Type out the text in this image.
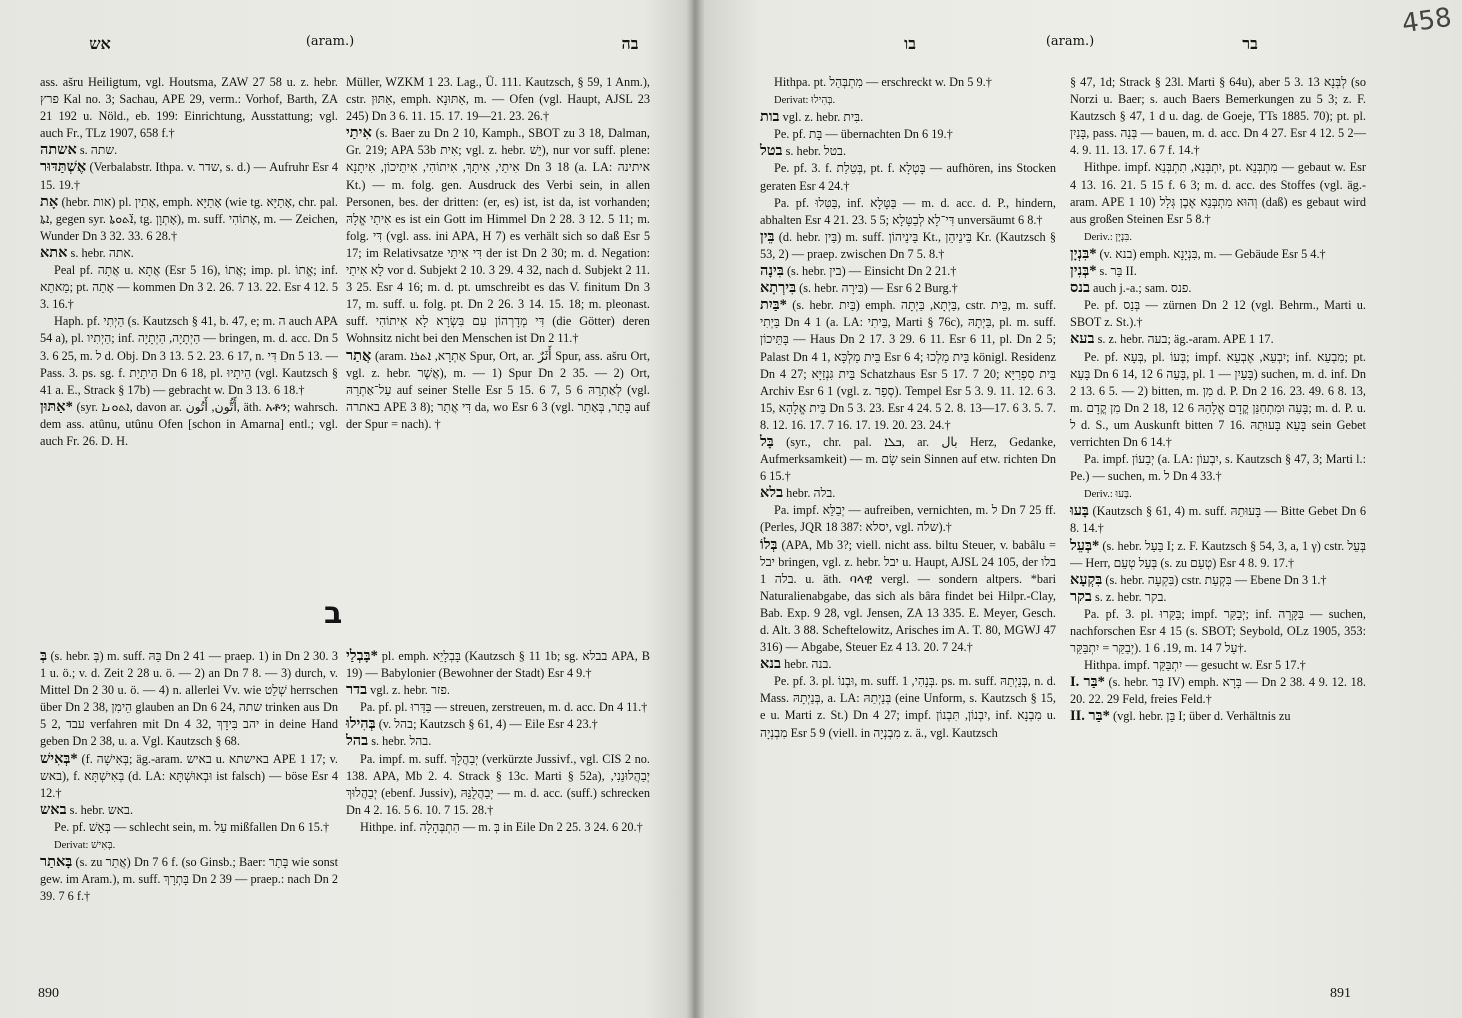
אש	(aram.)	בה

ass. ašru Heiligtum, vgl. Houtsma, ZAW 27 58 u. z. hebr. פרץ Kal no. 3; Sachau, APE 29, verm.: Vorhof, Barth, ZA 21 192 u. Nöld., eb. 199: Einrichtung, Ausstattung; vgl. auch Fr., TLz 1907, 658 f.†

אשתה s. שתה.

אֶשְׁתַּדּוּר (Verbalabstr. Ithpa. v. שדר, s. d.) — Aufruhr Esr 4 15. 19.†

אָת (hebr. אות) pl. אָתִין, emph. אָתַיָּא (wie tg. אָתַיָּא, chr. pal. ܐܬܐ, gegen syr. ܐ̈ܬܘܬܐ, tg. אָתְוָן), m. suff. אָתוֹהִי, m. — Zeichen, Wunder Dn 3 32. 33. 6 28.†

אתא s. hebr. אתה.

Peal pf. אֲתָה u. אֲתָא (Esr 5 16), אֲתוֹ; imp. pl. אֱתוֹ; inf. מֵאתֵא; pt. אָתֵה — kommen Dn 3 2. 26. 7 13. 22. Esr 4 12. 5 3. 16.†

Haph. pf. הַיְתִי (s. Kautzsch § 41, b. 47, e; m. ה auch APA 54 a), pl. הַיְתִיו; inf. הַיְתָיָה, הַיְתָיָה — bringen, m. d. acc. Dn 5 3. 6 25, m. ל d. Obj. Dn 3 13. 5 2. 23. 6 17, n. דִּי Dn 5 13. — Pass. 3. ps. sg. f. הֵיתָיַת Dn 6 18, pl. הֵיתָיוּ (vgl. Kautzsch § 41 a. E., Strack § 17b) — gebracht w. Dn 3 13. 6 18.†

אַתּוּן* (syr. ܐܬܘܢܐ, davon ar. أَتُّون, أَتُون, äth. አቶን; wahrsch. dem ass. atûnu, utûnu Ofen [schon in Amarna] entl.; vgl. auch Fr. 26. D. H.

Müller, WZKM 1 23. Lag., Ü. 111. Kautzsch, § 59, 1 Anm.), cstr. אַתּוּן, emph. אַתּוּנָא, m. — Ofen (vgl. Haupt, AJSL 23 245) Dn 3 6. 11. 15. 17. 19—21. 23. 26.†

אִיתַי (s. Baer zu Dn 2 10, Kamph., SBOT zu 3 18, Dalman, Gr. 219; APA 53b אִית; vgl. z. hebr. יֵשׁ), nur vor suff. plene: אִיתַי, אִיתָךְ, אִיתוֹהִי, אִיתֵיכוֹן, אִיתָנָא Dn 3 18 (a. LA: איתינה Kt.) — m. folg. gen. Ausdruck des Verbi sein, in allen Personen, bes. der dritten: (er, es) ist, ist da, ist vorhanden; אִיתַי אֱלָהּ es ist ein Gott im Himmel Dn 2 28. 3 12. 5 11; m. folg. דִּי (vgl. ass. ini APA, H 7) es verhält sich so daß Esr 5 17; im Relativsatze דִּי אִיתַי der ist Dn 2 30; m. d. Negation: לָא אִיתַי vor d. Subjekt 2 10. 3 29. 4 32, nach d. Subjekt 2 11. 3 25. Esr 4 16; m. d. pt. umschreibt es das V. finitum Dn 3 17, m. suff. u. folg. pt. Dn 2 26. 3 14. 15. 18; m. pleonast. suff. דִּי מְדָרְהוֹן עִם בִּשְׂרָא לָא אִיתוֹהִי (die Götter) deren Wohnsitz nicht bei den Menschen ist Dn 2 11.†

אֲתַר (aram. אַתְרָא, ܐܬܪܐ Spur, Ort, ar. أَثَرٌ Spur, ass. ašru Ort, vgl. z. hebr. אֲשֶׁר), m. — 1) Spur Dn 2 35. — 2) Ort, עַל־אַתְרֵהּ auf seiner Stelle Esr 5 15. 6 7, לְאַתְרֵהּ 6 5 (vgl. באתרה APE 3 8); דִּי אֲתַר da, wo Esr 6 3 (vgl. בָּתַר, בְּאַתַר auf der Spur = nach). †

ב

בְּ (s. hebr. בְּ) m. suff. בַּהּ Dn 2 41 — praep. 1) in Dn 2 30. 3 1 u. ö.; v. d. Zeit 2 28 u. ö. — 2) an Dn 7 8. — 3) durch, v. Mittel Dn 2 30 u. ö. — 4) n. allerlei Vv. wie שְׁלֵט herrschen über Dn 2 38, הֵימִן glauben an Dn 6 24, שתה trinken aus Dn 5 2, עבד verfahren mit Dn 4 32, יהב בִּידָךְ in deine Hand geben Dn 2 38, u. a. Vgl. Kautzsch § 68.

בְּאִישׁ* (f. בְּאִישָׁה; äg.-aram. באיש u. באישתא APE 1 17; v. באש), f. בְּאִישְׁתָּא (d. LA: וּבְאוּשְׁתָּא ist falsch) — böse Esr 4 12.†

באש s. hebr. באש.

Pe. pf. בְּאֵשׁ — schlecht sein, m. עַל mißfallen Dn 6 15.†

Derivat: בְּאִישׁ.

בָּאתַר (s. zu אֲתַר) Dn 7 6 f. (so Ginsb.; Baer: בָּתַר wie sonst gew. im Aram.), m. suff. בָּתְרָךְ Dn 2 39 — praep.: nach Dn 2 39. 7 6 f.†

בָּבְלַי* pl. emph. בָּבְלָיֵא (Kautzsch § 11 1b; sg. בבלא APA, B 19) — Babylonier (Bewohner der Stadt) Esr 4 9.†

בדר vgl. z. hebr. פזר.

Pa. pf. pl. בַּדַּרוּ — streuen, zerstreuen, m. d. acc. Dn 4 11.†

בְּהִילוּ (v. בהל; Kautzsch § 61, 4) — Eile Esr 4 23.†

בהל s. hebr. בהל.

Pa. impf. m. suff. יְבַהֲלָךְ (verkürzte Jussivf., vgl. CIS 2 no. 138. APA, Mb 2. 4. Strack § 13c. Marti § 52a), יְבַהֲלוּנַנִי, יְבַהֲלוּךְ (ebenf. Jussiv), יְבַהֲלֻנֵּהּ — m. d. acc. (suff.) schrecken Dn 4 2. 16. 5 6. 10. 7 15. 28.†

Hithpe. inf. הִתְבְּהָלָה — m. בְּ in Eile Dn 2 25. 3 24. 6 20.†

890
458
בו	(aram.)	בר

Hithpa. pt. מִתְבְּהַל — erschreckt w. Dn 5 9.†

Derivat: בְּהִילוּ.

בות vgl. z. hebr. בִּית.

Pe. pf. בָּת — übernachten Dn 6 19.†

בטל s. hebr. בטל.

Pe. pf. 3. f. בְּטֵלַת, pt. f. בָּטְלָא — aufhören, ins Stocken geraten Esr 4 24.†

Pa. pf. בַּטִּלוּ, inf. בַּטָּלָא — m. d. acc. d. P., hindern, abhalten Esr 4 21. 23. 5 5; דִּי־לָא לְבַטָּלָא unversäumt 6 8.†

בֵּין (d. hebr. בֵּין) m. suff. בֵּינֵיהוֹן Kt., בֵּינֵיהֵן Kr. (Kautzsch § 53, 2) — praep. zwischen Dn 7 5. 8.†

בִּינָה (s. hebr. בין) — Einsicht Dn 2 21.†

בִּירְתָא (s. hebr. בִּירָה) — Esr 6 2 Burg.†

בַּיִת* (s. hebr. בַּיִת) emph. בַּיְתָא, בַּיְתָה, cstr. בֵּית, m. suff. בַּיְתִי Dn 4 1 (a. LA: בֵּיתִי, Marti § 76c), בַּיְתָהּ, pl. m. suff. בָּתֵּיכוֹן — Haus Dn 2 17. 3 29. 6 11. Esr 6 11, pl. Dn 2 5; Palast Dn 4 1, בֵּית מַלְכָּא Esr 6 4; בֵּית מַלְכוּ königl. Residenz Dn 4 27; בֵּית גִּנְזַיָּא Schatzhaus Esr 5 17. 7 20; בֵּית סִפְרַיָּא Archiv Esr 6 1 (vgl. z. סְפַר). Tempel Esr 5 3. 9. 11. 12. 6 3. 15, בֵּית אֱלָהָא Dn 5 3. 23. Esr 4 24. 5 2. 8. 13—17. 6 3. 5. 7. 8. 12. 16. 17. 7 16. 17. 19. 20. 23. 24.†

בָּל (syr., chr. pal. ܒܠܐ, ar. بال Herz, Gedanke, Aufmerksamkeit) — m. שָׂם sein Sinnen auf etw. richten Dn 6 15.†

בלא hebr. בלה.

Pa. impf. יְבַלֵּא — aufreiben, vernichten, m. ל Dn 7 25 ff. (Perles, JQR 18 387: יסלא, vgl. שלה).†

בְּלוֹ (APA, Mb 3?; viell. nicht ass. biltu Steuer, v. babâlu = יבל bringen, vgl. z. hebr. יבל u. Haupt, AJSL 24 105, der בלו בלה 1. u. äth. ባላዊ vergl. — sondern altpers. *bari Naturalienabgabe, das sich als bâra findet bei Hilpr.-Clay, Bab. Exp. 9 28, vgl. Jensen, ZA 13 335. E. Meyer, Gesch. d. Alt. 3 88. Scheftelowitz, Arisches im A. T. 80, MGWJ 47 316) — Abgabe, Steuer Ez 4 13. 20. 7 24.†

בנא hebr. בנה.

Pe. pf. 3. pl. וּבְנוֹ, m. suff. בְּנָהִי, 1. ps. m. suff. בְּנַיְתַהּ, n. d. Mass. בְּנַיְתָהּ, a. LA: בְּנַיְתַהּ (eine Unform, s. Kautzsch § 15, e u. Marti z. St.) Dn 4 27; impf. יִבְנוֹן, תִּבְנוֹן, inf. מִבְנָא u. מִבְנְיָה Esr 5 9 (viell. in מִבְנְיָה z. ä., vgl. Kautzsch

§ 47, 1d; Strack § 23l. Marti § 64u), aber 5 3. 13 לְבְּנָא (so Norzi u. Baer; s. auch Baers Bemerkungen zu 5 3; z. F. Kautzsch § 47, 1 d u. dag. de Goeje, TTs 1885. 70); pt. pl. בָּנַיִן, pass. בְּנֵה — bauen, m. d. acc. Dn 4 27. Esr 4 12. 5 2—4. 9. 11. 13. 17. 6 7 f. 14.†

Hithpe. impf. יִתְבְּנֵא, תִתְבְּנֵא, pt. מִתְבְּנֵא — gebaut w. Esr 4 13. 16. 21. 5 15 f. 6 3; m. d. acc. des Stoffes (vgl. äg.-aram. APE 1 10) וְהוּא מִתְבְּנֵא אֶבֶן גְּלָל (daß) es gebaut wird aus großen Steinen Esr 5 8.†

Deriv.: בִּנְיָן.

בִּנְיָן* (v. בנא) emph. בִּנְיָנָא, m. — Gebäude Esr 5 4.†

בְּנִין* s. בַּר II.

בנס auch j.-a.; sam. פנס.

Pe. pf. בְּנַס — zürnen Dn 2 12 (vgl. Behrm., Marti u. SBOT z. St.).†

בעא s. z. hebr. בעה; äg.-aram. APE 1 17.

Pe. pf. בְּעָא, pl. בְּעוֹ; impf. יִבְעֵא, אֶבְעֵא; inf. מִבְעֵא; pt. בָּעֵא Dn 6 14, בָּעֵה 6 12, pl. בָּעַיִן — 1) suchen, m. d. inf. Dn 2 13. 6 5. — 2) bitten, m. מִן d. P. Dn 2 16. 23. 49. 6 8. 13, m. מִן קֳדָם Dn 2 18, בָּעֵה וּמִתְחַנַּן קֳדָם אֱלָהֵהּ 6 12; m. d. P. u. ל d. S., um Auskunft bitten 7 16. בָּעֵא בָּעוּתֵהּ sein Gebet verrichten Dn 6 14.†

Pa. impf. יְבַעוֹן (a. LA: יִבְעוֹן, s. Kautzsch § 47, 3; Marti l.: Pe.) — suchen, m. ל Dn 4 33.†

Deriv.: בָּעוּ.

בָּעוּ (Kautzsch § 61, 4) m. suff. בָּעוּתֵהּ — Bitte Gebet Dn 6 8. 14.†

בְּעֵל* (s. hebr. בַּעַל I; z. F. Kautzsch § 54, 3, a, 1 γ) cstr. בְּעֵל — Herr, בְּעֵל טְעֵם (s. zu טְעֵם) Esr 4 8. 9. 17.†

בִּקְעָא (s. hebr. בִּקְעָה) cstr. בִּקְעַת — Ebene Dn 3 1.†

בקר s. z. hebr. בקר.

Pa. pf. 3. pl. בַּקַּרוּ; impf. יְבַקַּר; inf. בַּקָּרָה — suchen, nachforschen Esr 4 15 (s. SBOT; Seybold, OLz 1905, 353: יְבַקַּר = יִתְבַּקַּר). 19. 6 1, m. עַל 7 14†.

Hithpa. impf. יִתְבַּקַּר — gesucht w. Esr 5 17.†

I. בַּר* (s. hebr. בַּר IV) emph. בָּרָא — Dn 2 38. 4 9. 12. 18. 20. 22. 29 Feld, freies Feld.†

II. בַּר* (vgl. hebr. בֵּן I; über d. Verhältnis zu

891
